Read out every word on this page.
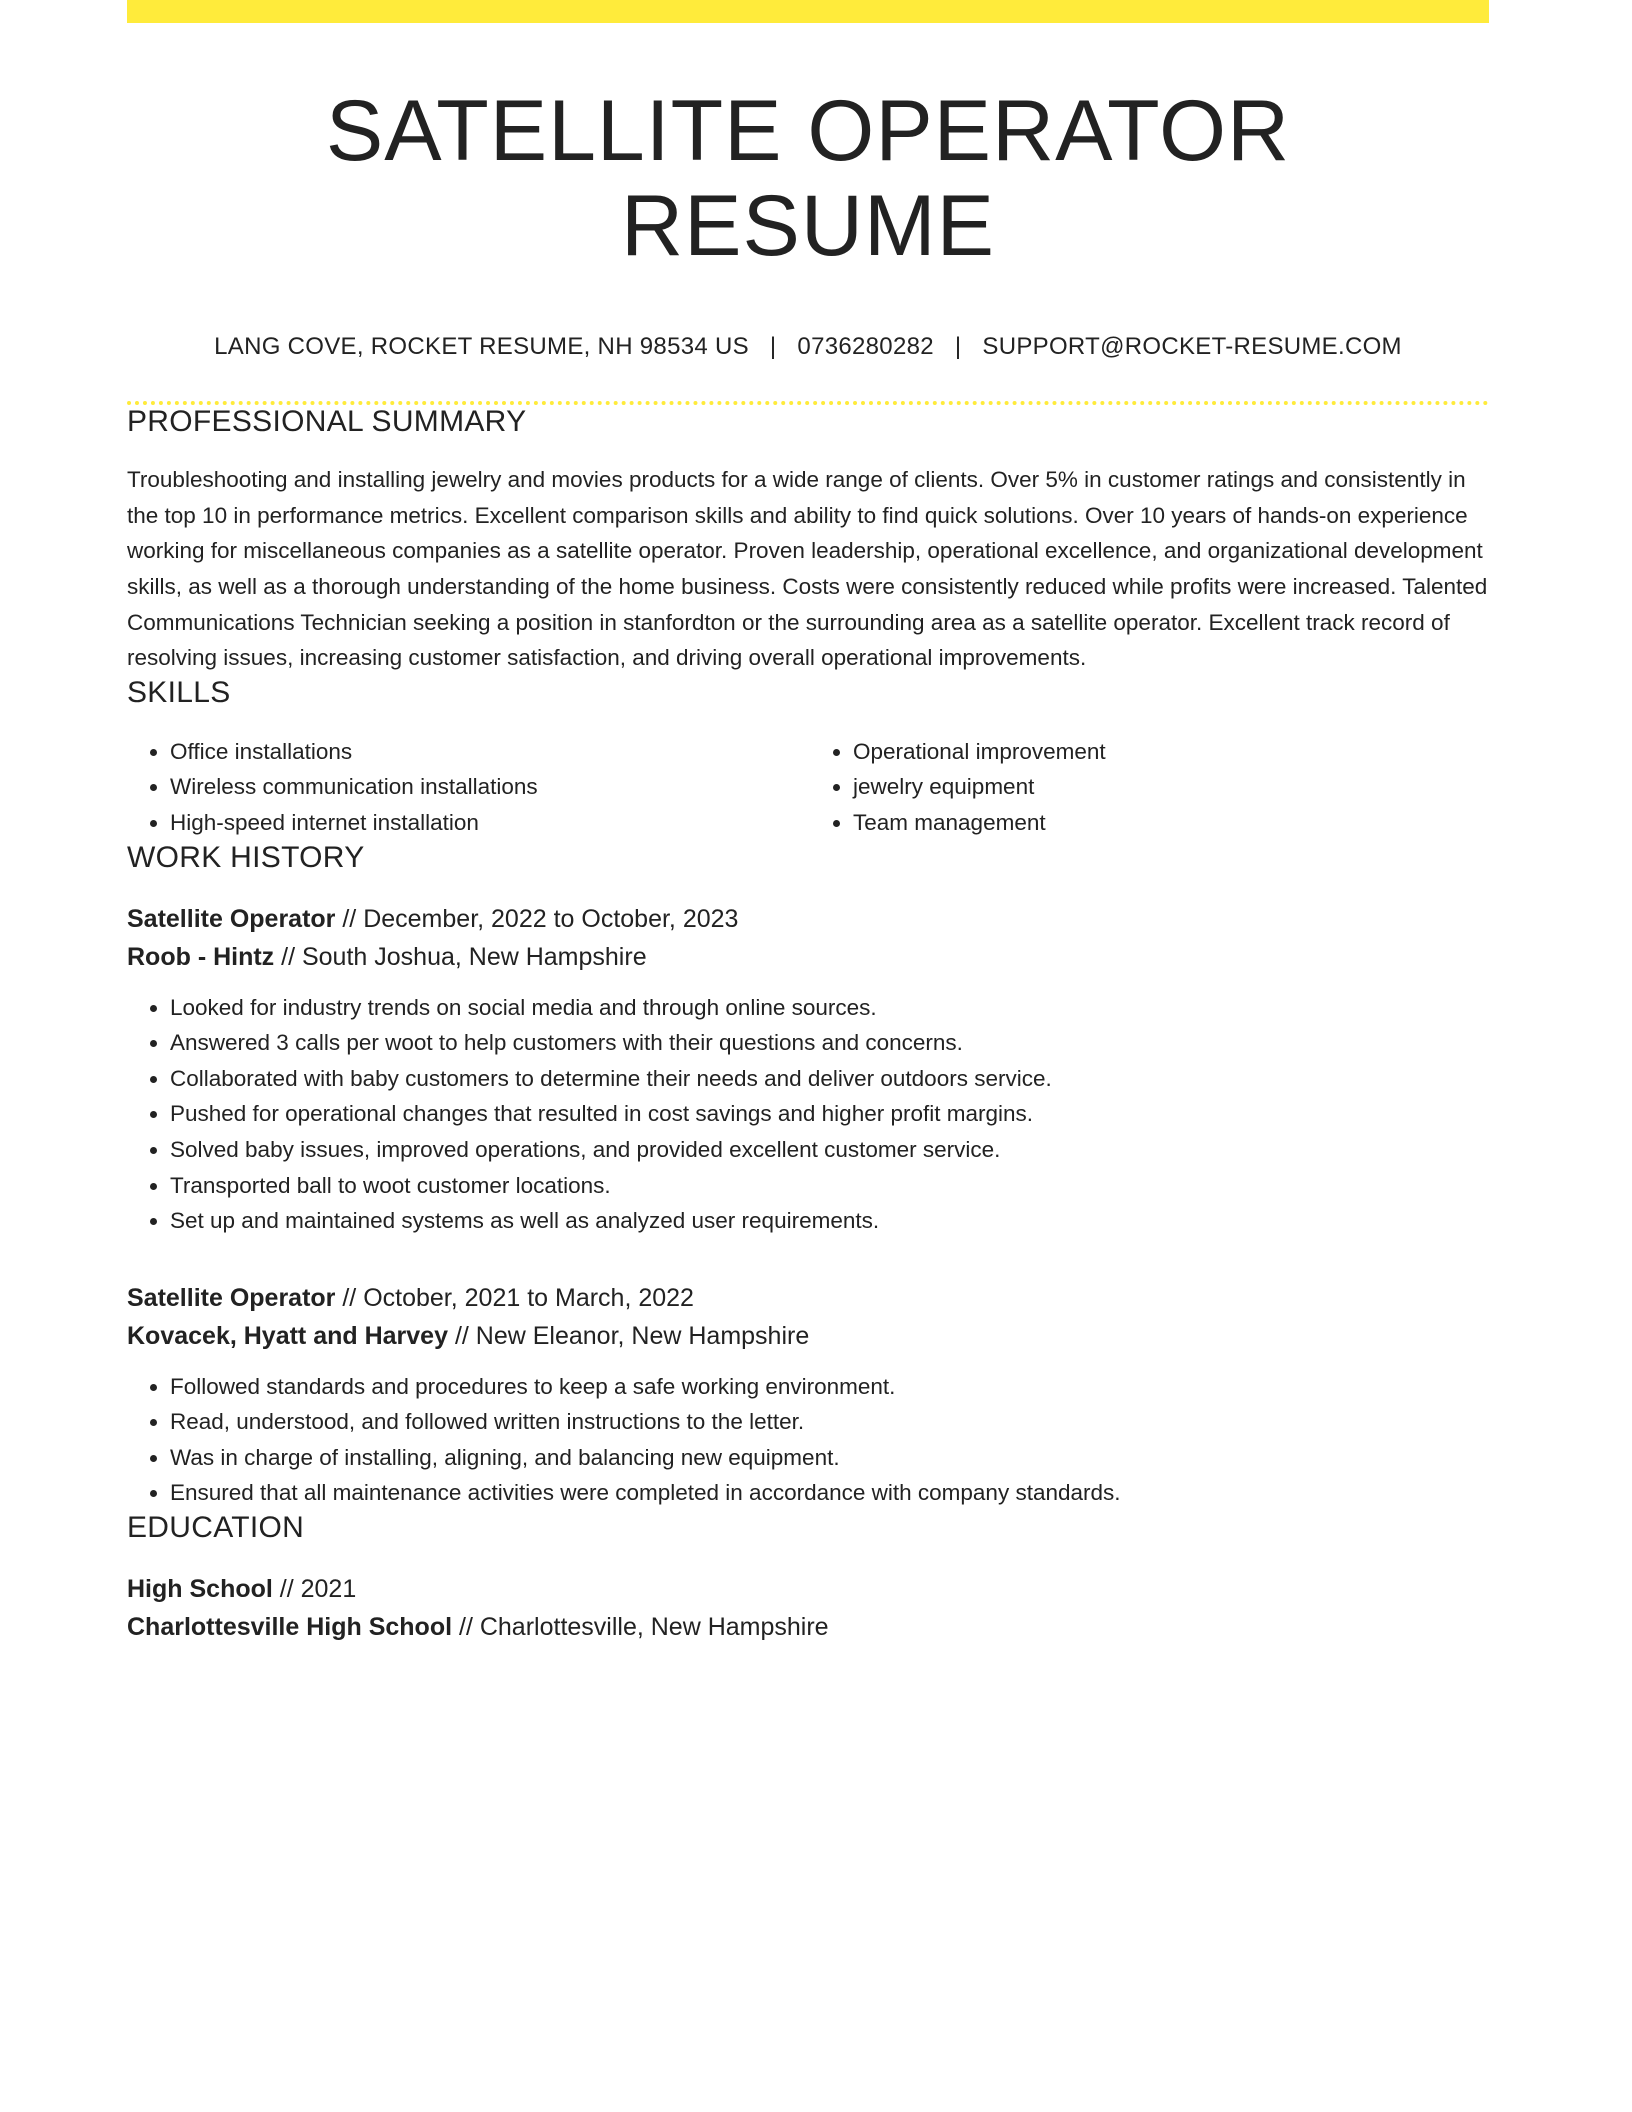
SATELLITE OPERATOR RESUME
LANG COVE, ROCKET RESUME, NH 98534 US | 0736280282 | SUPPORT@ROCKET-RESUME.COM
PROFESSIONAL SUMMARY
Troubleshooting and installing jewelry and movies products for a wide range of clients. Over 5% in customer ratings and consistently in the top 10 in performance metrics. Excellent comparison skills and ability to find quick solutions. Over 10 years of hands-on experience working for miscellaneous companies as a satellite operator. Proven leadership, operational excellence, and organizational development skills, as well as a thorough understanding of the home business. Costs were consistently reduced while profits were increased. Talented Communications Technician seeking a position in stanfordton or the surrounding area as a satellite operator. Excellent track record of resolving issues, increasing customer satisfaction, and driving overall operational improvements.
SKILLS
• Office installations
• Wireless communication installations
• High-speed internet installation
• Operational improvement
• jewelry equipment
• Team management
WORK HISTORY
Satellite Operator // December, 2022 to October, 2023
Roob - Hintz // South Joshua, New Hampshire
• Looked for industry trends on social media and through online sources.
• Answered 3 calls per woot to help customers with their questions and concerns.
• Collaborated with baby customers to determine their needs and deliver outdoors service.
• Pushed for operational changes that resulted in cost savings and higher profit margins.
• Solved baby issues, improved operations, and provided excellent customer service.
• Transported ball to woot customer locations.
• Set up and maintained systems as well as analyzed user requirements.
Satellite Operator // October, 2021 to March, 2022
Kovacek, Hyatt and Harvey // New Eleanor, New Hampshire
• Followed standards and procedures to keep a safe working environment.
• Read, understood, and followed written instructions to the letter.
• Was in charge of installing, aligning, and balancing new equipment.
• Ensured that all maintenance activities were completed in accordance with company standards.
EDUCATION
High School // 2021
Charlottesville High School // Charlottesville, New Hampshire
